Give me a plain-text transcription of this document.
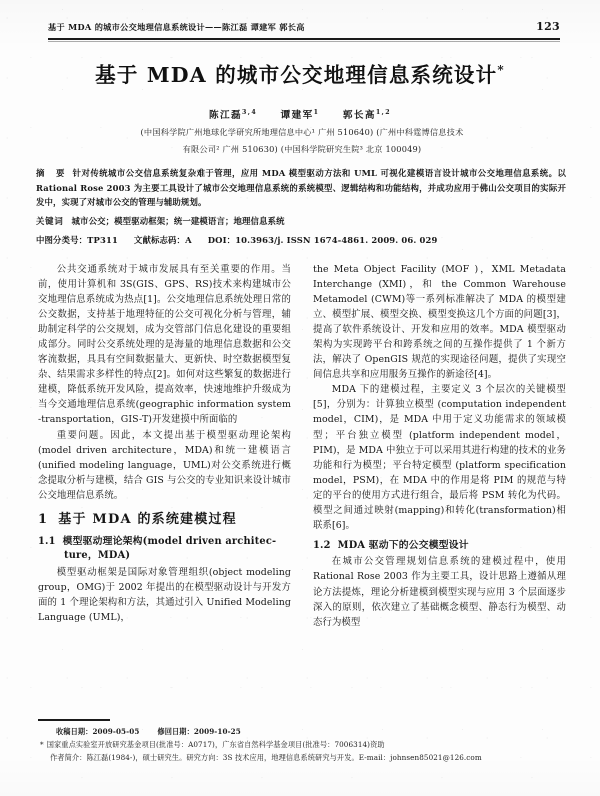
基于 MDA 的城市公交地理信息系统设计——陈江磊 谭建军 郭长高	123
基于 MDA 的城市公交地理信息系统设计*
陈江磊$^{3,4}$ 谭建军$^1$ 郭长高$^{1,2}$
(中国科学院广州地球化学研究所地理信息中心¹ 广州 510640) (广州中科霆博信息技术
有限公司² 广州 510630) (中国科学院研究生院³ 北京 100049)
摘 要 针对传统城市公交信息系统复杂难于管理，应用 MDA 模型驱动方法和 UML 可视化建模语言设计城市公交地理信息系统。以 Rational Rose 2003 为主要工具设计了城市公交地理信息系统的系统模型、逻辑结构和功能结构，并成功应用于佛山公交项目的实际开发中，实现了对城市公交的管理与辅助规划。
关键词 城市公交；模型驱动框架；统一建模语言；地理信息系统
中图分类号：TP311 文献标志码：A DOI：10.3963/j. ISSN 1674-4861. 2009. 06. 029

公共交通系统对于城市发展具有至关重要的作用。当前，使用计算机和 3S(GIS、GPS、RS)技术来构建城市公交地理信息系统成为热点[1]。公交地理信息系统处理日常的公交数据，支持基于地理特征的公交可视化分析与管理，辅助制定科学的公交规划，成为交管部门信息化建设的重要组成部分。同时公交系统处理的是海量的地理信息数据和公交客流数据，具具有空间数据量大、更新快、时空数据模型复杂、结果需求多样性的特点[2]。如何对这些繁复的数据进行建模，降低系统开发风险，提高效率，快速地维护升级成为当今交通地理信息系统(geographic information system -transportation，GIS-T)开发建摸中所面临的

重要问题。因此，本文提出基于模型驱动理论架构(model driven architecture，MDA)和统一建模语言(unified modeling language，UML)对公交系统进行概念提取分析与建模，结合 GIS 与公交的专业知识来设计城市公交地理信息系统。

1 基于 MDA 的系统建模过程
1.1 模型驱动理论架构(model driven architec-
ture，MDA)

模型驱动框架是国际对象管理组织(object modeling group，OMG)于 2002 年提出的在模型驱动设计与开发方面的 1 个理论架构和方法，其通过引入 Unified Modeling Language (UML)，

the Meta Object Facility (MOF )，XML Metadata Interchange (XMI)，和 the Common Warehouse Metamodel (CWM)等一系列标准解决了 MDA 的模型建立、模型扩展、模型交换、模型变换这几个方面的问题[3]，提高了软件系统设计、开发和应用的效率。MDA 模型驱动架构为实现跨平台和跨系统之间的互操作提供了 1 个新方法，解决了 OpenGIS 规范的实现途径问题，提供了实现空间信息共享和应用服务互操作的新途径[4]。

MDA 下的建模过程，主要定义 3 个层次的关键模型[5]，分别为：计算独立模型 (computation independent model，CIM)，是 MDA 中用于定义功能需求的领域模型；平台独立模型 (platform independent model，PIM)，是 MDA 中独立于可以采用其进行构建的技术的业务功能和行为模型；平台特定模型 (platform specification model，PSM)，在 MDA 中的作用是将 PIM 的规范与特定的平台的使用方式进行组合，最后将 PSM 转化为代码。模型之间通过映射(mapping)和转化(transformation)相联系[6]。

1.2 MDA 驱动下的公交模型设计

在城市公交管理规划信息系统的建模过程中，使用 Rational Rose 2003 作为主要工具，设计思路上遵循从理论方法提炼，理论分析建模到模型实现与应用 3 个层面逐步深入的原则，依次建立了基础概念模型、静态行为模型、动态行为模型

收稿日期：2009-05-05	修回日期：2009-10-25

* 国家重点实验室开放研究基金项目(批准号：A0717)，广东省自然科学基金项目(批准号：7006314)资助

作者简介：陈江磊(1984-)，硕士研究生。研究方向：3S 技术应用，地理信息系统研究与开发。E-mail：johnsen85021@126.com
